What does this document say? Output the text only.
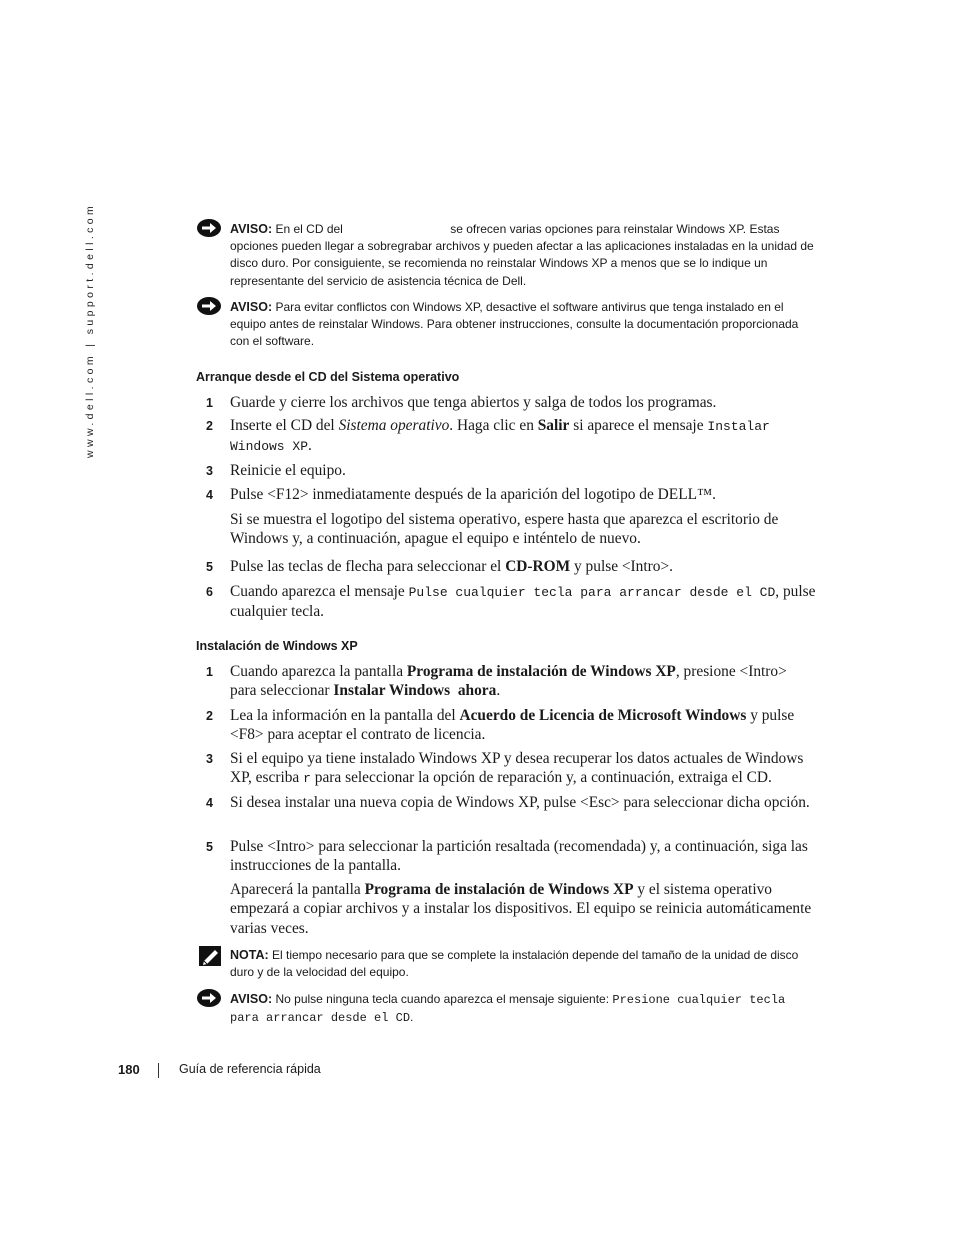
www.dell.com | support.dell.com	AVISO: En el CD del	se ofrecen varias opciones para reinstalar Windows XP. Estas opciones pueden llegar a sobregrabar archivos y pueden afectar a las aplicaciones instaladas en la unidad de disco duro. Por consiguiente, se recomienda no reinstalar Windows XP a menos que se lo indique un representante del servicio de asistencia técnica de Dell.
AVISO: Para evitar conflictos con Windows XP, desactive el software antivirus que tenga instalado en el equipo antes de reinstalar Windows. Para obtener instrucciones, consulte la documentación proporcionada con el software.
Arranque desde el CD del Sistema operativo
1	Guarde y cierre los archivos que tenga abiertos y salga de todos los programas.
2	Inserte el CD del Sistema operativo. Haga clic en Salir si aparece el mensaje Instalar Windows XP.
3	Reinicie el equipo.
4	Pulse <F12> inmediatamente después de la aparición del logotipo de DELL™.
Si se muestra el logotipo del sistema operativo, espere hasta que aparezca el escritorio de Windows y, a continuación, apague el equipo e inténtelo de nuevo.
5	Pulse las teclas de flecha para seleccionar el CD-ROM y pulse <Intro>.
6	Cuando aparezca el mensaje Pulse cualquier tecla para arrancar desde el CD, pulse cualquier tecla.
Instalación de Windows XP
1	Cuando aparezca la pantalla Programa de instalación de Windows XP, presione <Intro> para seleccionar Instalar Windows  ahora.
2	Lea la información en la pantalla del Acuerdo de Licencia de Microsoft Windows y pulse <F8> para aceptar el contrato de licencia.
3	Si el equipo ya tiene instalado Windows XP y desea recuperar los datos actuales de Windows XP, escriba r para seleccionar la opción de reparación y, a continuación, extraiga el CD.
4	Si desea instalar una nueva copia de Windows XP, pulse <Esc> para seleccionar dicha opción.
5	Pulse <Intro> para seleccionar la partición resaltada (recomendada) y, a continuación, siga las instrucciones de la pantalla.
Aparecerá la pantalla Programa de instalación de Windows XP y el sistema operativo empezará a copiar archivos y a instalar los dispositivos. El equipo se reinicia automáticamente varias veces.
NOTA: El tiempo necesario para que se complete la instalación depende del tamaño de la unidad de disco duro y de la velocidad del equipo.
AVISO: No pulse ninguna tecla cuando aparezca el mensaje siguiente: Presione cualquier tecla para arrancar desde el CD.
180	Guía de referencia rápida
